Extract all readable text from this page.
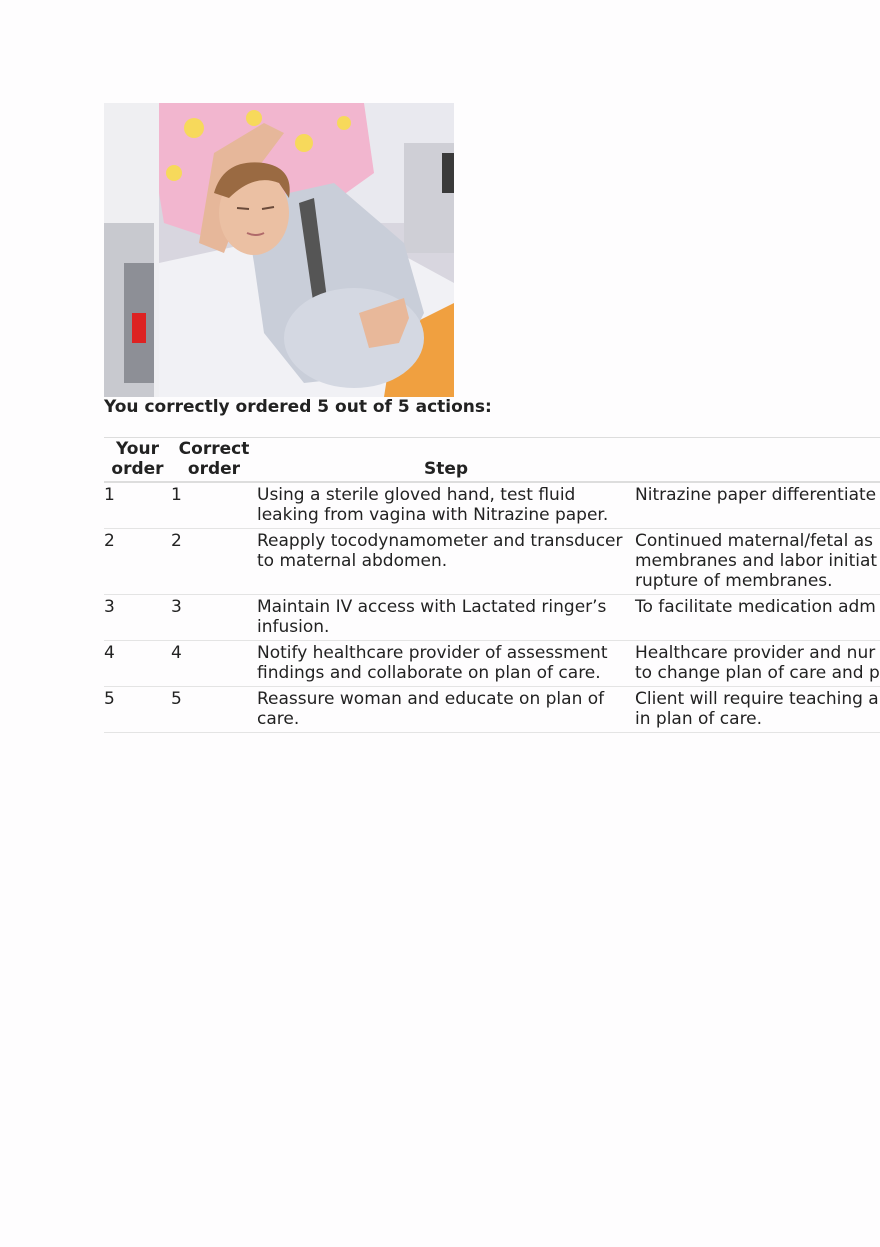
You correctly ordered 5 out of 5 actions:
Your order	Correct order	Step	
1	1	Using a sterile gloved hand, test fluid leaking from vagina with Nitrazine paper.	Nitrazine paper differentiate
2	2	Reapply tocodynamometer and transducer to maternal abdomen.	Continued maternal/fetal as
membranes and labor initiat
rupture of membranes.
3	3	Maintain IV access with Lactated ringer’s infusion.	To facilitate medication adm
4	4	Notify healthcare provider of assessment findings and collaborate on plan of care.	Healthcare provider and nur
to change plan of care and p
5	5	Reassure woman and educate on plan of care.	Client will require teaching a
in plan of care.
